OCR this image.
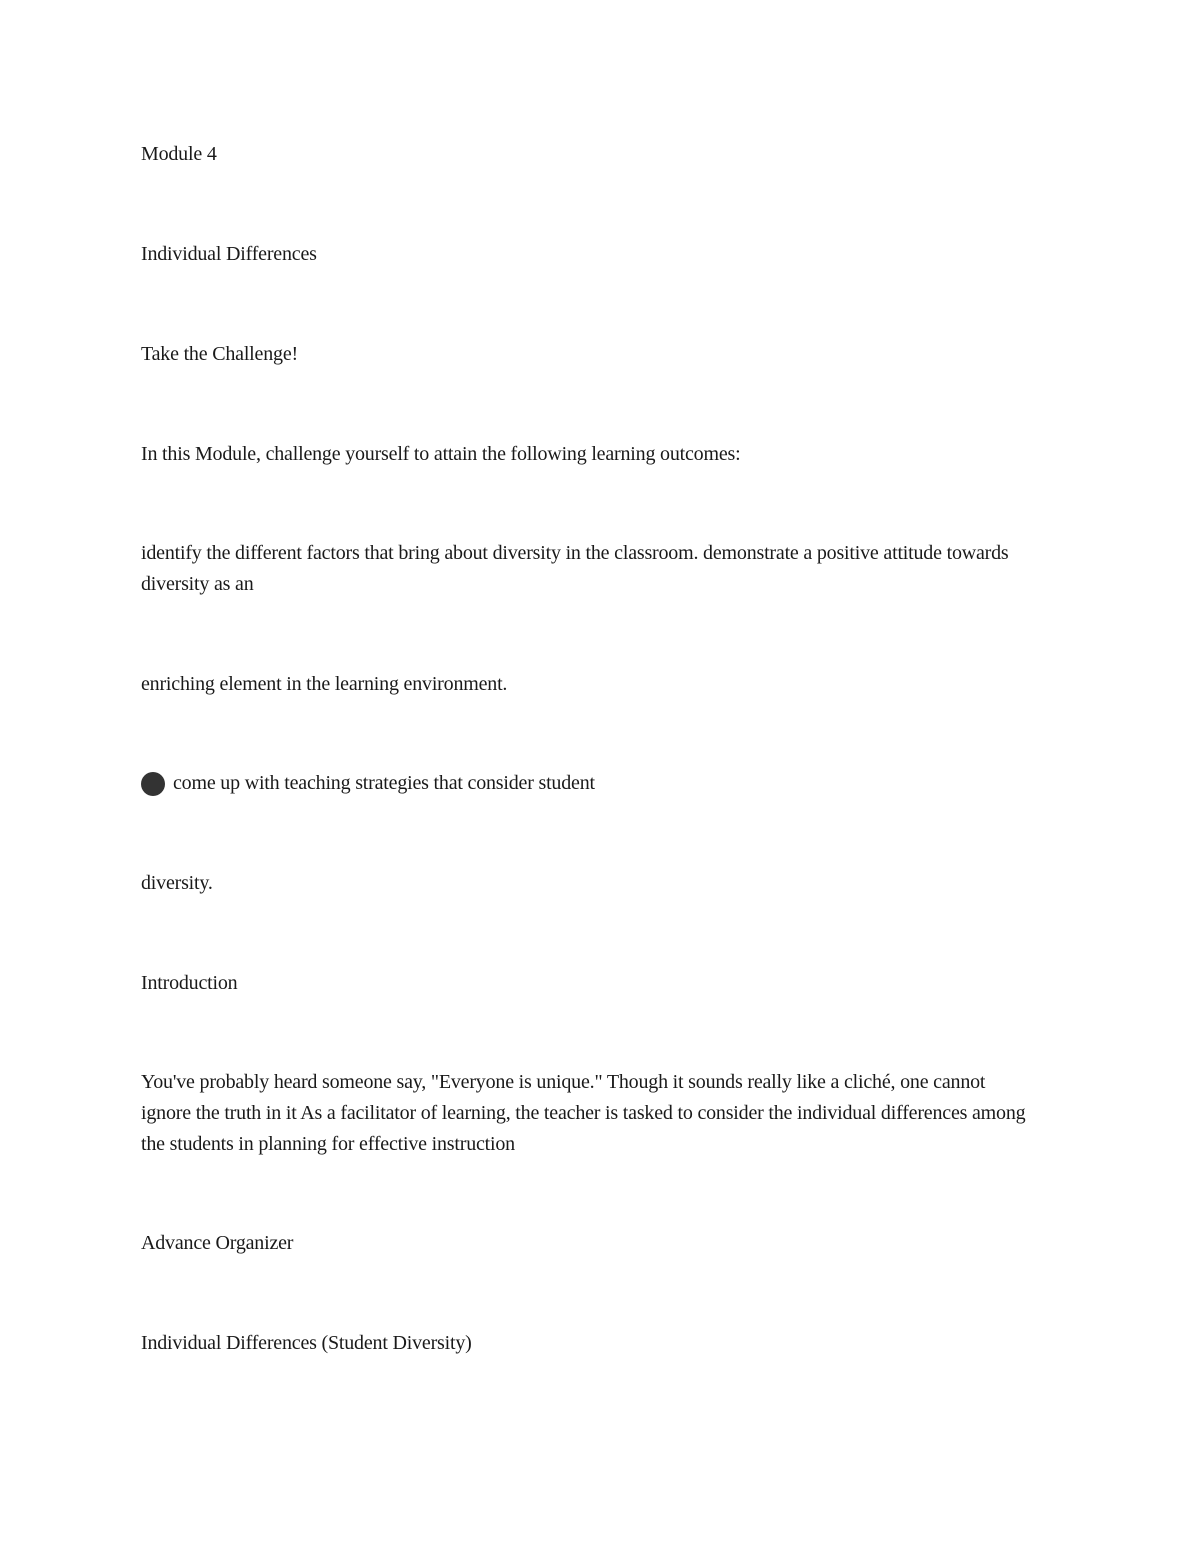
Module 4
Individual Differences
Take the Challenge!
In this Module, challenge yourself to attain the following learning outcomes:
identify the different factors that bring about diversity in the classroom. demonstrate a positive attitude towards diversity as an
enriching element in the learning environment.
come up with teaching strategies that consider student
diversity.
Introduction
You've probably heard someone say, "Everyone is unique." Though it sounds really like a cliché, one cannot ignore the truth in it As a facilitator of learning, the teacher is tasked to consider the individual differences among the students in planning for effective instruction
Advance Organizer
Individual Differences (Student Diversity)
